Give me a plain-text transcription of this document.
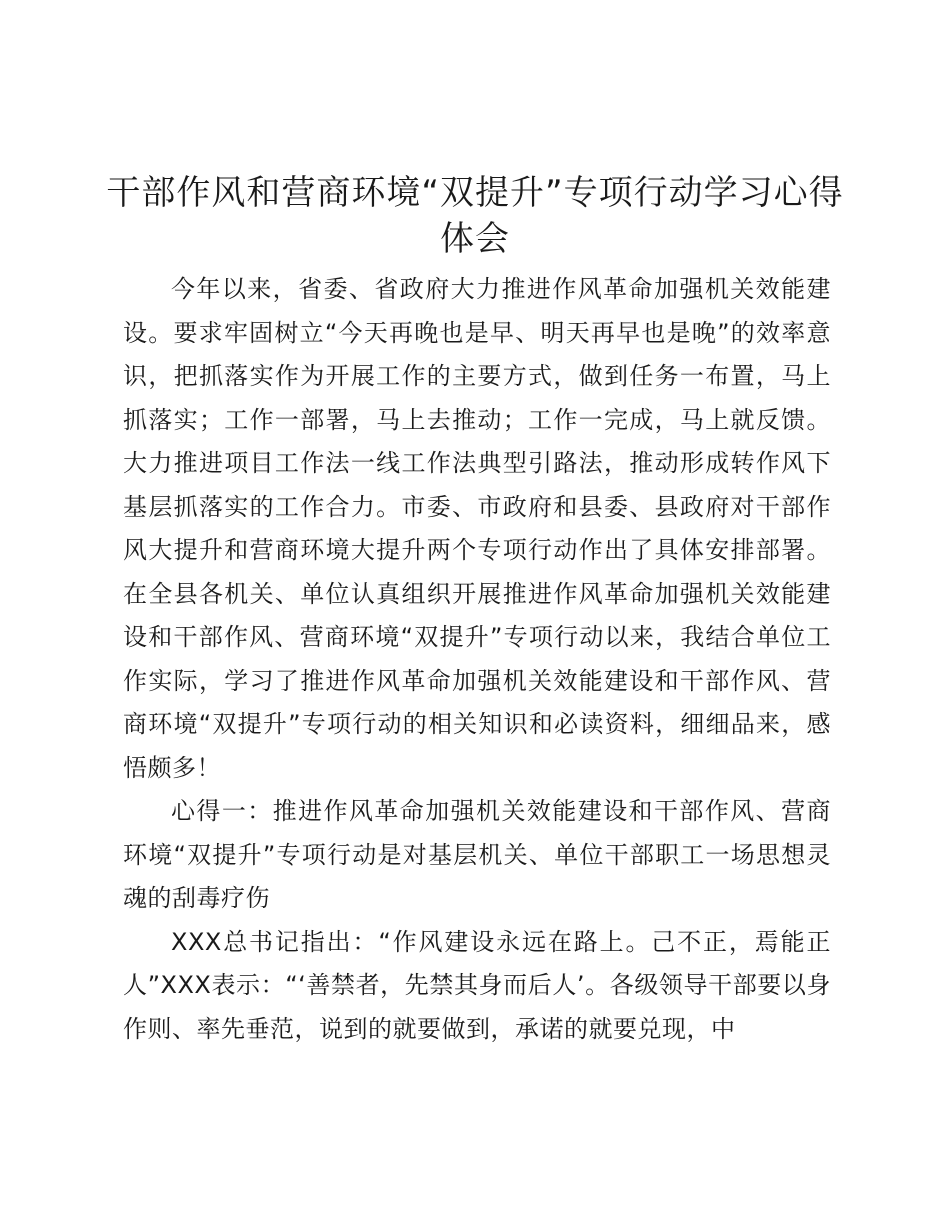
干部作风和营商环境“双提升”专项行动学习心得体会

今年以来，省委、省政府大力推进作风革命加强机关效能建设。要求牢固树立“今天再晚也是早、明天再早也是晚”的效率意识，把抓落实作为开展工作的主要方式，做到任务一布置，马上抓落实；工作一部署，马上去推动；工作一完成，马上就反馈。大力推进项目工作法一线工作法典型引路法，推动形成转作风下基层抓落实的工作合力。市委、市政府和县委、县政府对干部作风大提升和营商环境大提升两个专项行动作出了具体安排部署。在全县各机关、单位认真组织开展推进作风革命加强机关效能建设和干部作风、营商环境“双提升”专项行动以来，我结合单位工作实际，学习了推进作风革命加强机关效能建设和干部作风、营商环境“双提升”专项行动的相关知识和必读资料，细细品来，感悟颇多！

心得一：推进作风革命加强机关效能建设和干部作风、营商环境“双提升”专项行动是对基层机关、单位干部职工一场思想灵魂的刮毒疗伤

XXX总书记指出：“作风建设永远在路上。己不正，焉能正人”XXX表示：“‘善禁者，先禁其身而后人’。各级领导干部要以身作则、率先垂范，说到的就要做到，承诺的就要兑现，中
